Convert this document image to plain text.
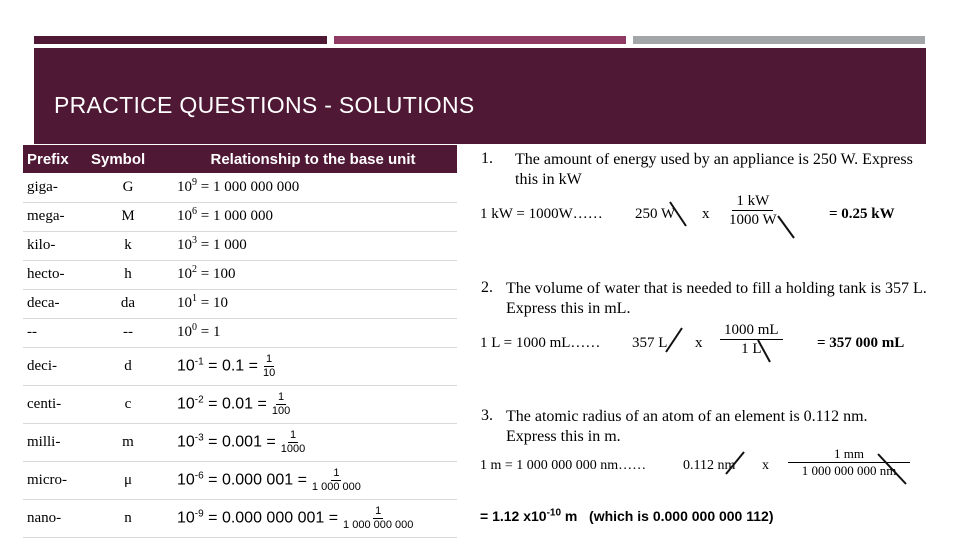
PRACTICE QUESTIONS - SOLUTIONS
Prefix	Symbol	Relationship to the base unit
giga-	G	$10^9 = 1$ 000 000 000
mega-	M	$10^6 = 1$ 000 000
kilo-	k	$10^3 = 1$ 000
hecto-	h	$10^2 = 100$
deca-	da	$10^1 = 10$
--	--	$10^0 = 1$
deci-	d	$10^{-1} = 0.1 = \frac{1}{10}$

centi-	c	$10^{-2} = 0.01 = \frac{1}{100}$

milli-	m	$10^{-3} = 0.001 = \frac{1}{1000}$

micro-	μ	$10^{-6} = 0.000$ $001 = \frac{1}{1 000 000}$

nano-	n	$10^{-9} = 0.000$ 000 $001 = \frac{1}{1 000 000 000}$
1. The amount of energy used by an appliance is 250 W. Express this in kW
1 kW = 1000W…… 250 W x $\frac{1 kW}{1000 W}$	= 0.25 kW
2. The volume of water that is needed to fill a holding tank is 357 L. Express this in mL.
1 L = 1000 mL…… 357 L x $\frac{1000 mL}{1 L} = 357$ 000 mL
3. The atomic radius of an atom of an element is 0.112 nm. Express this in m.
1 m = 1 000 000 000 nm……	0.112 nm x $\frac{1 mm}{1 000 000 000 nm}$
= 1.12 $x10^{-10}$ m (which is 0.000 000 000 112)
